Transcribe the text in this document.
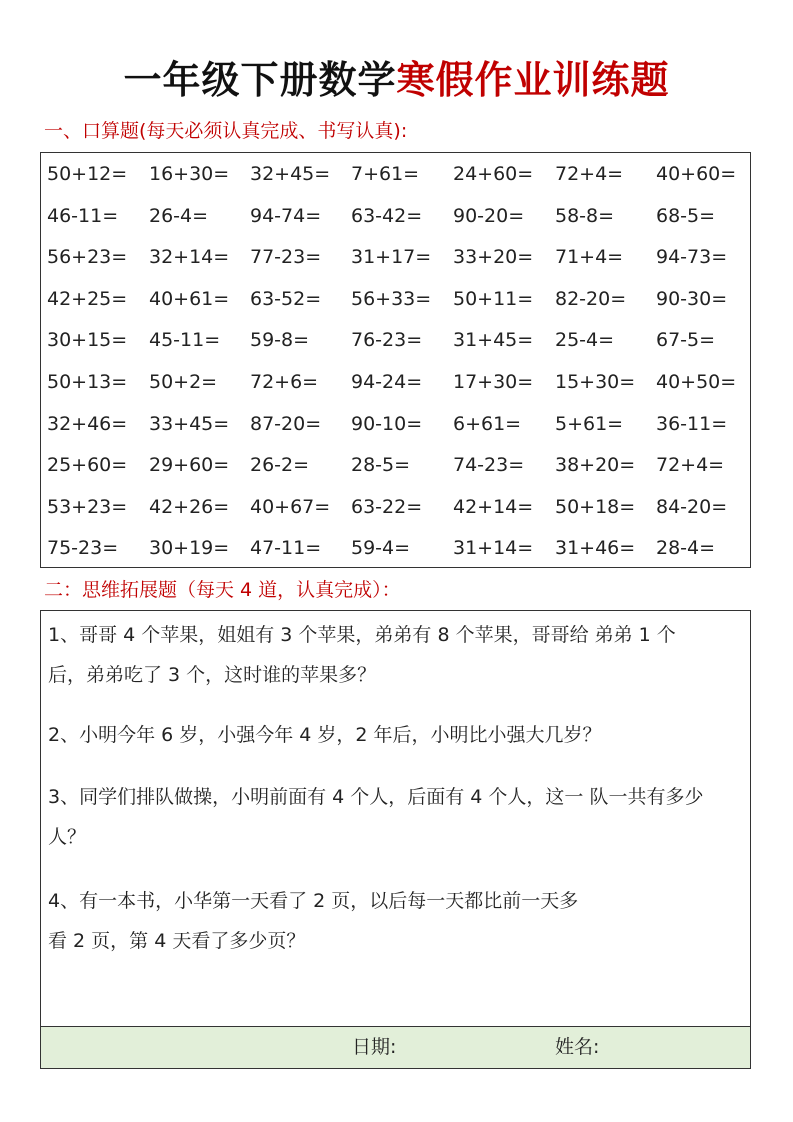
一年级下册数学寒假作业训练题
一、口算题(每天必须认真完成、书写认真):
50+12= 16+30= 32+45= 7+61= 24+60= 72+4= 40+60=
46-11= 26-4= 94-74= 63-42= 90-20= 58-8= 68-5=
56+23= 32+14= 77-23= 31+17= 33+20= 71+4= 94-73=
42+25= 40+61= 63-52= 56+33= 50+11= 82-20= 90-30=
30+15= 45-11= 59-8= 76-23= 31+45= 25-4= 67-5=
50+13= 50+2= 72+6= 94-24= 17+30= 15+30= 40+50=
32+46= 33+45= 87-20= 90-10= 6+61= 5+61= 36-11=
25+60= 29+60= 26-2= 28-5= 74-23= 38+20= 72+4=
53+23= 42+26= 40+67= 63-22= 42+14= 50+18= 84-20=
75-23= 30+19= 47-11= 59-4= 31+14= 31+46= 28-4=
二：思维拓展题（每天 4 道，认真完成）：
1、哥哥 4 个苹果，姐姐有 3 个苹果，弟弟有 8 个苹果，哥哥给 弟弟 1 个
后，弟弟吃了 3 个，这时谁的苹果多？
2、小明今年 6 岁，小强今年 4 岁，2 年后，小明比小强大几岁？
3、同学们排队做操，小明前面有 4 个人，后面有 4 个人，这一 队一共有多少
人？
4、有一本书，小华第一天看了 2 页，以后每一天都比前一天多
看 2 页，第 4 天看了多少页？
日期:	姓名:
